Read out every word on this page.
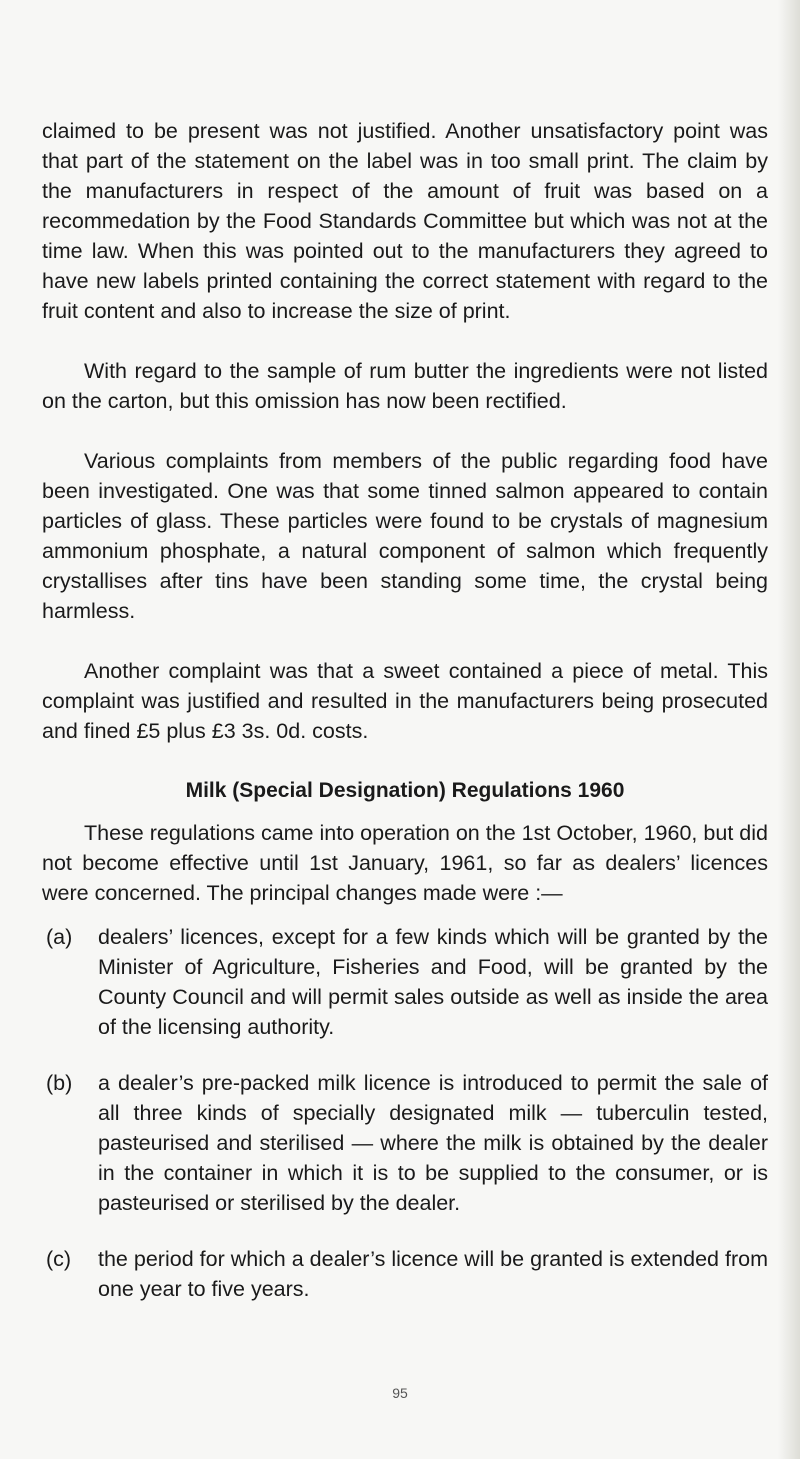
claimed to be present was not justified. Another unsatisfactory point was that part of the statement on the label was in too small print. The claim by the manufacturers in respect of the amount of fruit was based on a recommedation by the Food Standards Committee but which was not at the time law. When this was pointed out to the manufacturers they agreed to have new labels printed containing the correct statement with regard to the fruit content and also to increase the size of print.

With regard to the sample of rum butter the ingredients were not listed on the carton, but this omission has now been rectified.

Various complaints from members of the public regarding food have been investigated. One was that some tinned salmon appeared to contain particles of glass. These particles were found to be crystals of magnesium ammonium phosphate, a natural component of salmon which frequently crystallises after tins have been standing some time, the crystal being harmless.

Another complaint was that a sweet contained a piece of metal. This complaint was justified and resulted in the manufacturers being prosecuted and fined £5 plus £3 3s. 0d. costs.

Milk (Special Designation) Regulations 1960

These regulations came into operation on the 1st October, 1960, but did not become effective until 1st January, 1961, so far as dealers’ licences were concerned. The principal changes made were :—

(a)	dealers’ licences, except for a few kinds which will be granted by the Minister of Agriculture, Fisheries and Food, will be granted by the County Council and will permit sales outside as well as inside the area of the licensing authority.
(b)	a dealer’s pre-packed milk licence is introduced to permit the sale of all three kinds of specially designated milk — tuberculin tested, pasteurised and sterilised — where the milk is obtained by the dealer in the container in which it is to be supplied to the consumer, or is pasteurised or sterilised by the dealer.
(c)	the period for which a dealer’s licence will be granted is extended from one year to five years.
95
